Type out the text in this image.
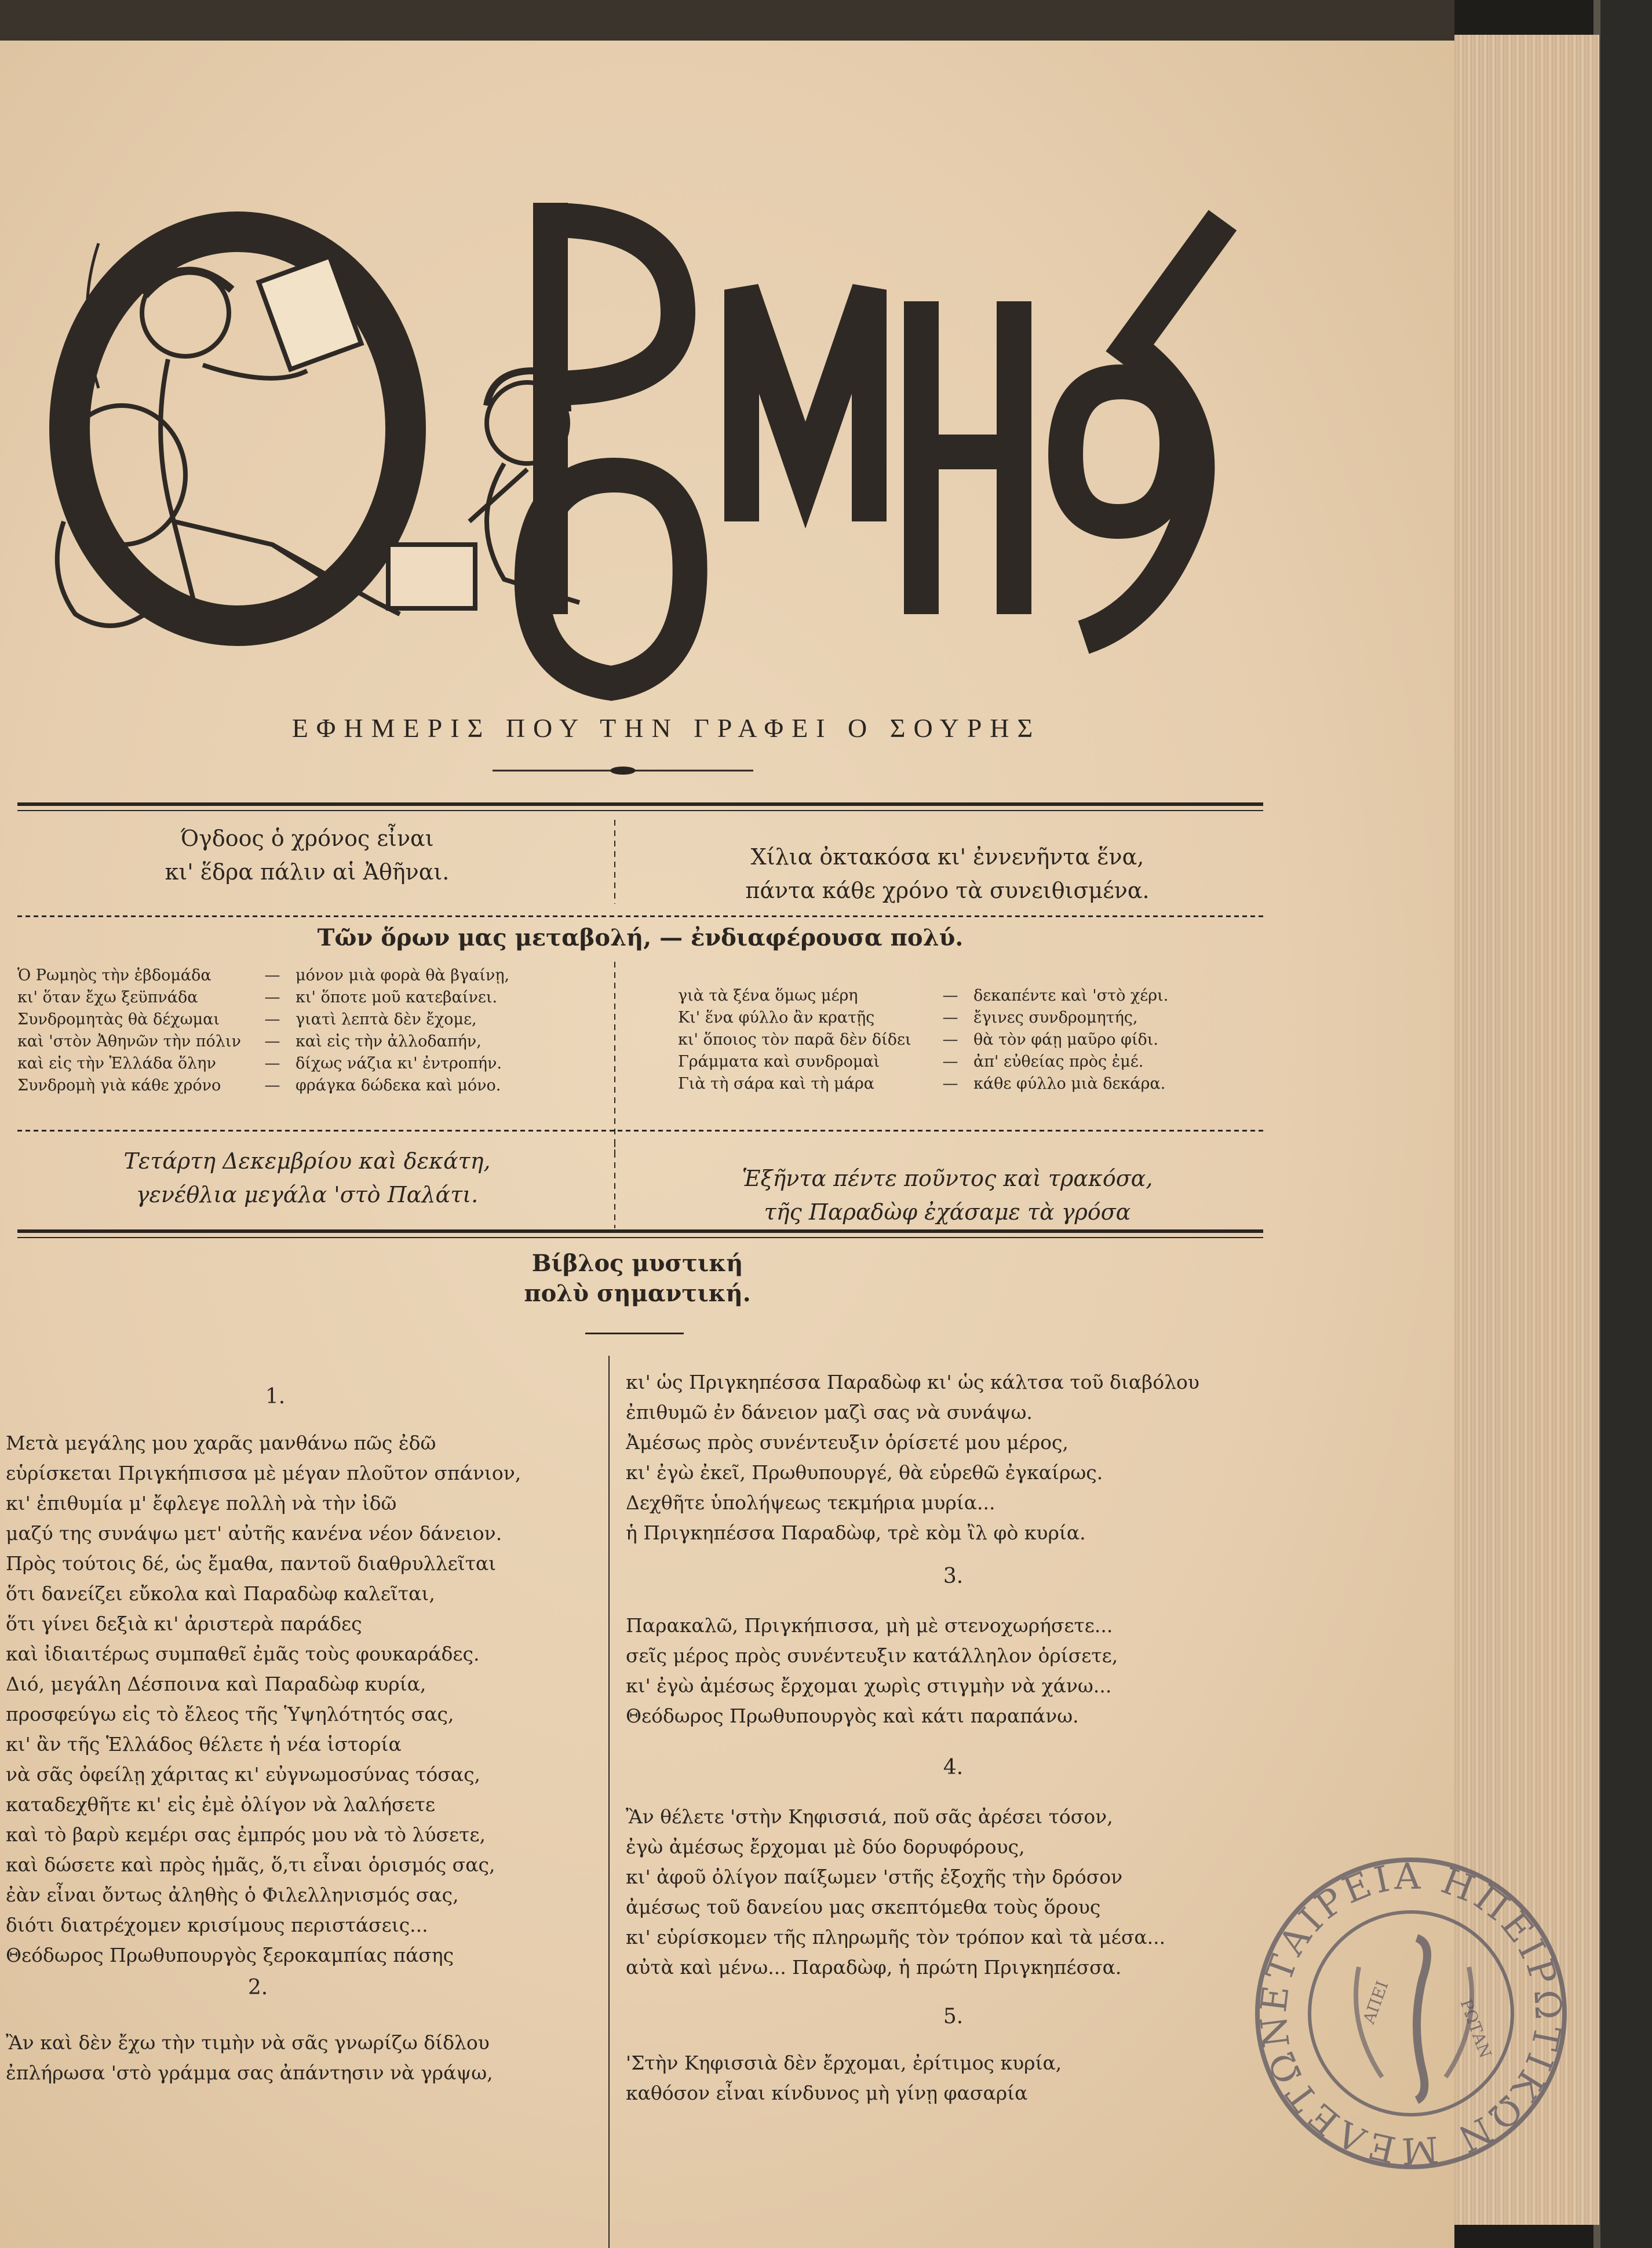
ΕΦΗΜΕΡΙΣ ΠΟΥ ΤΗΝ ΓΡΑΦΕΙ Ο ΣΟΥΡΗΣ
Όγδοος ὁ χρόνος εἶναι
κι' ἕδρα πάλιν αἱ Ἀθῆναι.
Χίλια ὀκτακόσα κι' ἐννενῆντα ἕνα,
πάντα κάθε χρόνο τὰ συνειθισμένα.
Τῶν ὅρων μας μεταβολή, — ἐνδιαφέρουσα πολύ.
Ὁ Ρωμηὸς τὴν ἑβδομάδα	— μόνον μιὰ φορὰ θὰ βγαίνῃ,
κι' ὅταν ἔχω ξεϋπνάδα	— κι' ὅποτε μοῦ κατεβαίνει.
Συνδρομητὰς θὰ δέχωμαι	— γιατὶ λεπτὰ δὲν ἔχομε,
καὶ 'στὸν Ἀθηνῶν τὴν πόλιν — καὶ εἰς τὴν ἀλλοδαπήν,
καὶ εἰς τὴν Ἑλλάδα ὅλην	— δίχως νάζια κι' ἐντροπήν.
Συνδρομὴ γιὰ κάθε χρόνο	— φράγκα δώδεκα καὶ μόνο.
γιὰ τὰ ξένα ὅμως μέρη	— δεκαπέντε καὶ 'στὸ χέρι.
Κι' ἕνα φύλλο ἂν κρατῇς	— ἔγινες συνδρομητής,
κι' ὅποιος τὸν παρᾶ δὲν δίδει — θὰ τὸν φάῃ μαῦρο φίδι.
Γράμματα καὶ συνδρομαὶ	— ἀπ' εὐθείας πρὸς ἐμέ.
Γιὰ τὴ σάρα καὶ τὴ μάρα	— κάθε φύλλο μιὰ δεκάρα.
Τετάρτη Δεκεμβρίου καὶ δεκάτη,
γενέθλια μεγάλα 'στὸ Παλάτι.
Ἑξῆντα πέντε ποῦντος καὶ τρακόσα,
τῆς Παραδὼφ ἐχάσαμε τὰ γρόσα
Βίβλος μυστική
πολὺ σημαντική.
1.
Μετὰ μεγάλης μου χαρᾶς μανθάνω πῶς ἐδῶ
εὑρίσκεται Πριγκήπισσα μὲ μέγαν πλοῦτον σπάνιον,
κι' ἐπιθυμία μ' ἔφλεγε πολλὴ νὰ τὴν ἰδῶ
μαζύ της συνάψω μετ' αὐτῆς κανένα νέον δάνειον.
Πρὸς τούτοις δέ, ὡς ἔμαθα, παντοῦ διαθρυλλεῖται
ὅτι δανείζει εὔκολα καὶ Παραδὼφ καλεῖται,
ὅτι γίνει δεξιὰ κι' ἀριστερὰ παράδες
καὶ ἰδιαιτέρως συμπαθεῖ ἐμᾶς τοὺς φουκαράδες.
Διό, μεγάλη Δέσποινα καὶ Παραδὼφ κυρία,
προσφεύγω εἰς τὸ ἔλεος τῆς Ὑψηλότητός σας,
κι' ἂν τῆς Ἑλλάδος θέλετε ἡ νέα ἱστορία
νὰ σᾶς ὀφείλῃ χάριτας κι' εὐγνωμοσύνας τόσας,
καταδεχθῆτε κι' εἰς ἐμὲ ὀλίγον νὰ λαλήσετε
καὶ τὸ βαρὺ κεμέρι σας ἐμπρός μου νὰ τὸ λύσετε,
καὶ δώσετε καὶ πρὸς ἡμᾶς, ὅ,τι εἶναι ὁρισμός σας,
ἐὰν εἶναι ὄντως ἀληθὴς ὁ Φιλελληνισμός σας,
διότι διατρέχομεν κρισίμους περιστάσεις...
Θεόδωρος Πρωθυπουργὸς ξεροκαμπίας πάσης
2.
Ἂν καὶ δὲν ἔχω τὴν τιμὴν νὰ σᾶς γνωρίζω δίδλου
ἐπλήρωσα 'στὸ γράμμα σας ἀπάντησιν νὰ γράψω,
κι' ὡς Πριγκηπέσσα Παραδὼφ κι' ὡς κάλτσα τοῦ διαβόλου
ἐπιθυμῶ ἐν δάνειον μαζὶ σας νὰ συνάψω.
Ἀμέσως πρὸς συνέντευξιν ὁρίσετέ μου μέρος,
κι' ἐγὼ ἐκεῖ, Πρωθυπουργέ, θὰ εὑρεθῶ ἐγκαίρως.
Δεχθῆτε ὑπολήψεως τεκμήρια μυρία...
ἡ Πριγκηπέσσα Παραδὼφ, τρὲ κὸμ ἲλ φὸ κυρία.
3.
Παρακαλῶ, Πριγκήπισσα, μὴ μὲ στενοχωρήσετε...
σεῖς μέρος πρὸς συνέντευξιν κατάλληλον ὁρίσετε,
κι' ἐγὼ ἀμέσως ἔρχομαι χωρὶς στιγμὴν νὰ χάνω...
Θεόδωρος Πρωθυπουργὸς καὶ κάτι παραπάνω.
4.
Ἂν θέλετε 'στὴν Κηφισσιά, ποῦ σᾶς ἀρέσει τόσον,
ἐγὼ ἀμέσως ἔρχομαι μὲ δύο δορυφόρους,
κι' ἀφοῦ ὀλίγον παίξωμεν 'στῆς ἐξοχῆς τὴν δρόσον
ἀμέσως τοῦ δανείου μας σκεπτόμεθα τοὺς ὅρους
κι' εὑρίσκομεν τῆς πληρωμῆς τὸν τρόπον καὶ τὰ μέσα...
αὐτὰ καὶ μένω... Παραδὼφ, ἡ πρώτη Πριγκηπέσσα.
5.
'Στὴν Κηφισσιὰ δὲν ἔρχομαι, ἐρίτιμος κυρία,
καθόσον εἶναι κίνδυνος μὴ γίνῃ φασαρία
ΕΤΑΙΡΕΙΑ ΗΠΕΙΡΩΤΙΚΩΝ ΜΕΛΕΤΩΝ
ΑΠΕΙ	ΡΩΤΑΝ
